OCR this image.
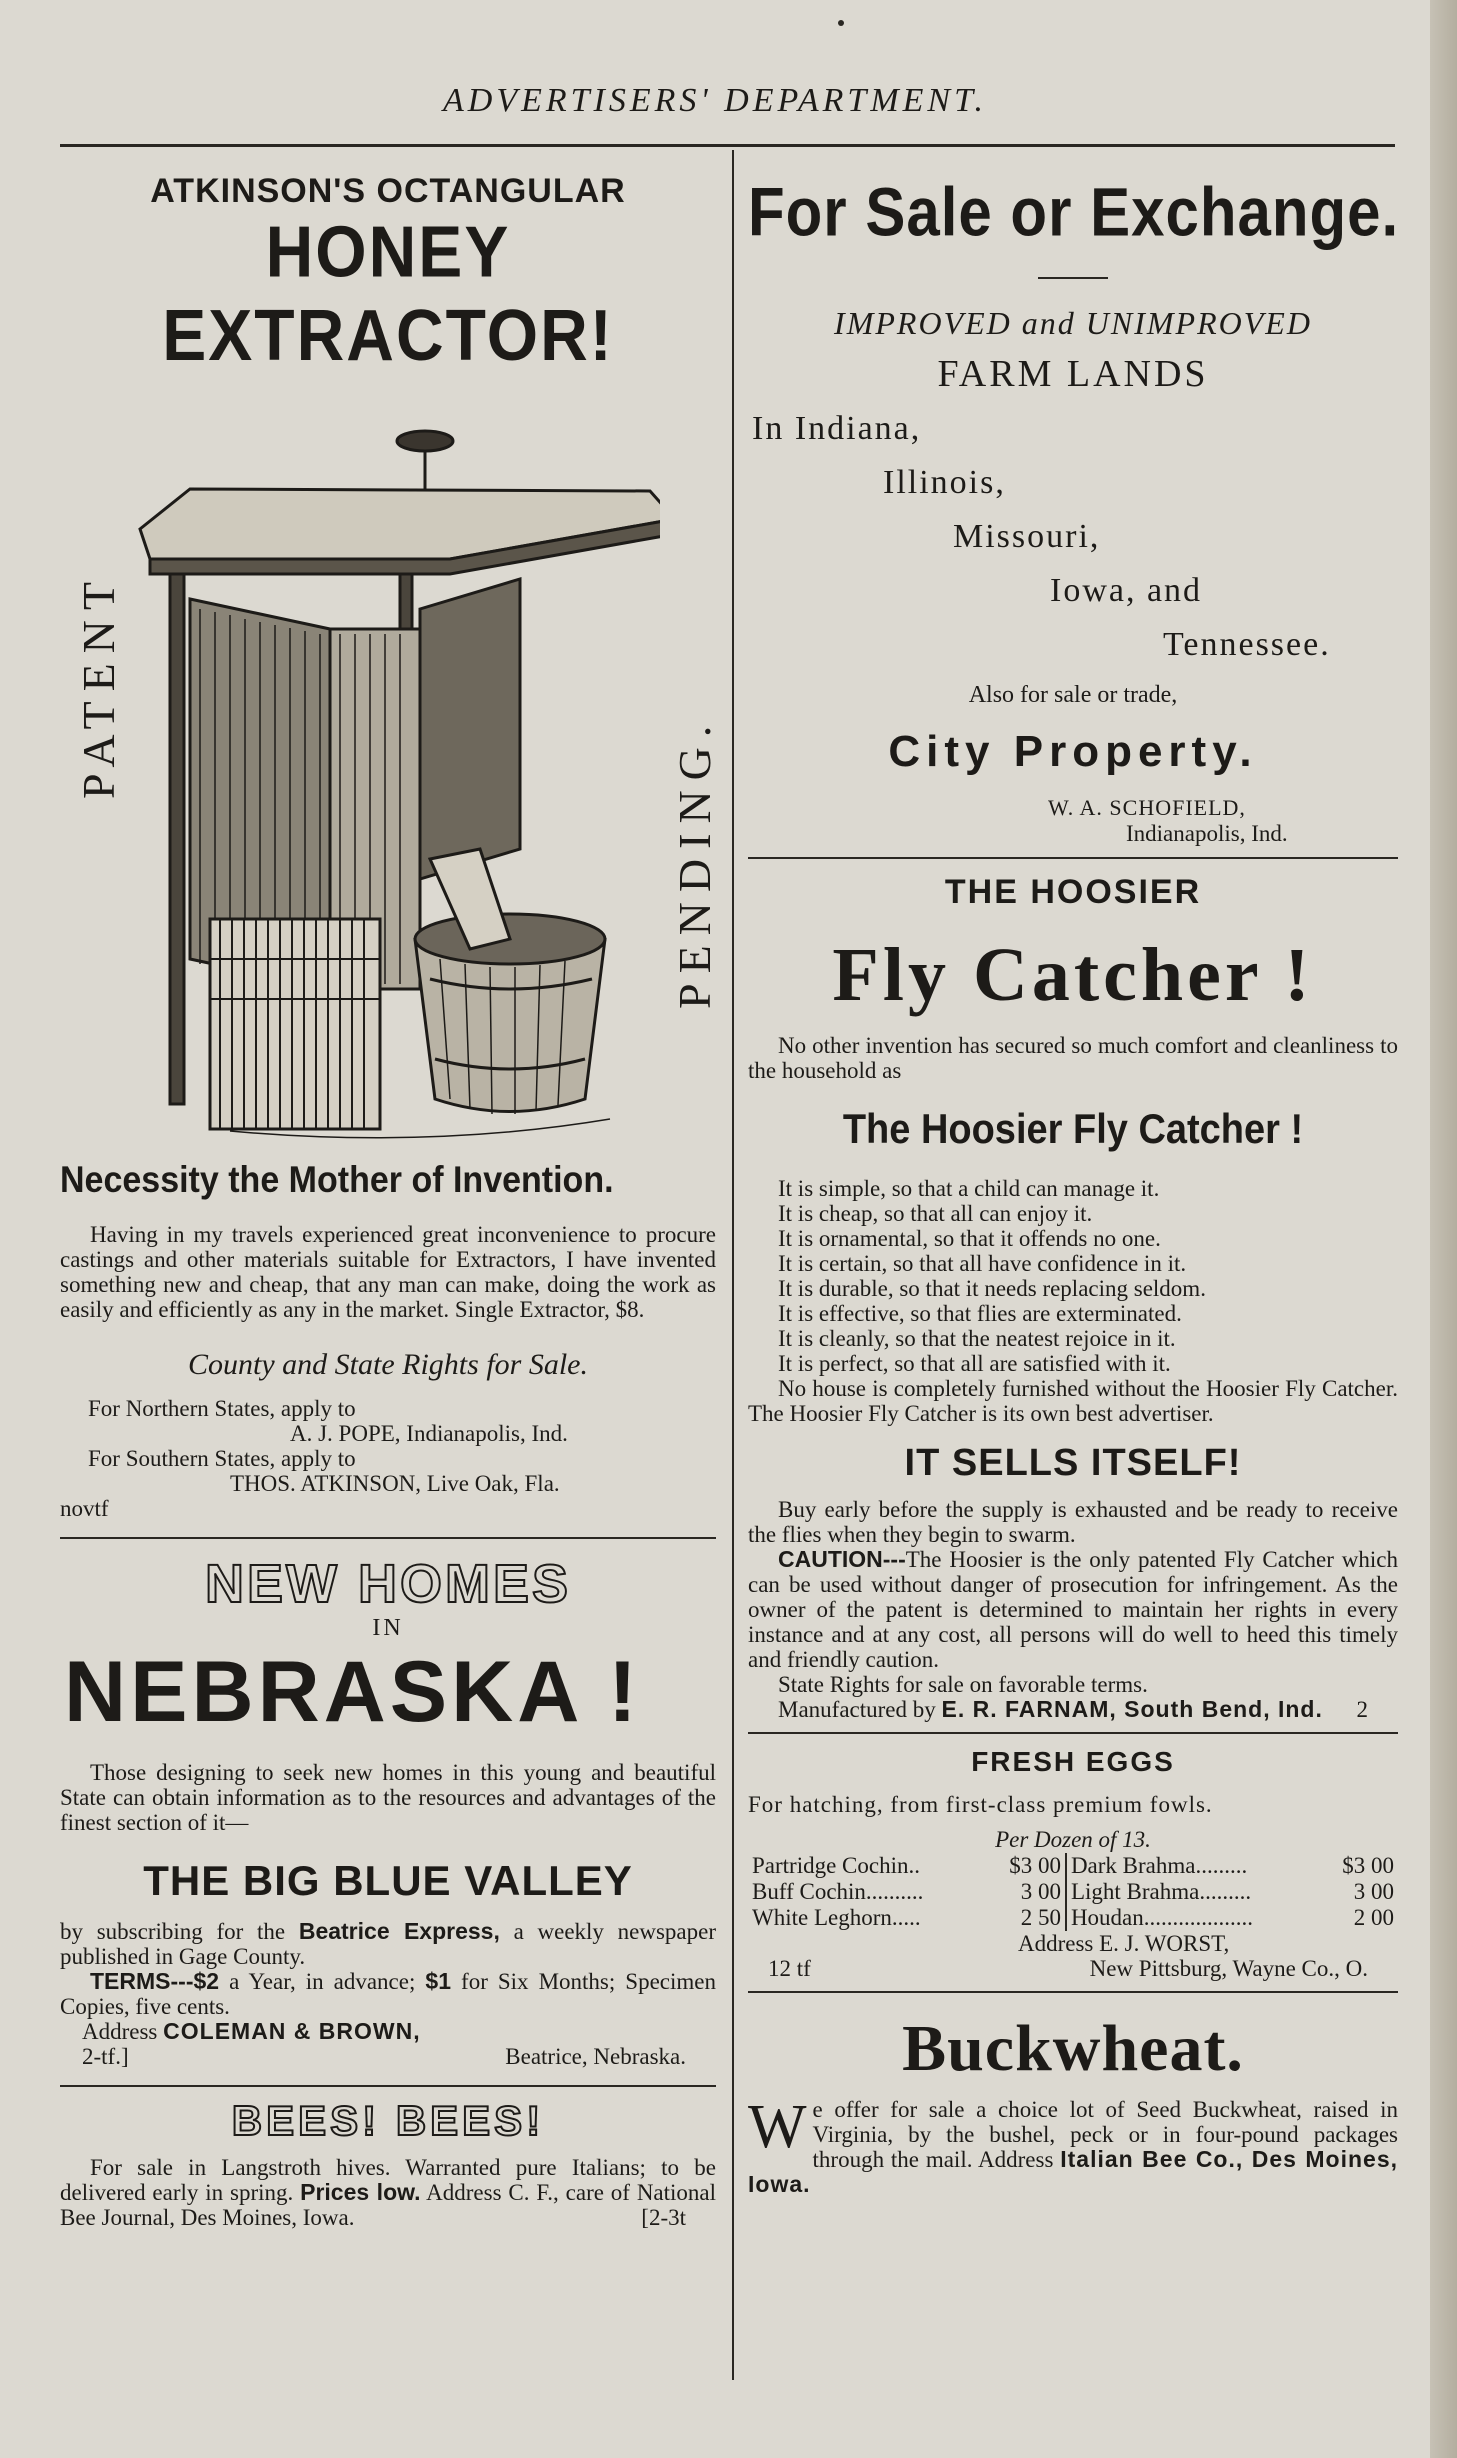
ADVERTISERS' DEPARTMENT.
ATKINSON'S OCTANGULAR
HONEY EXTRACTOR!
PATENT
PENDING.
Necessity the Mother of Invention.

Having in my travels experienced great inconvenience to procure castings and other materials suitable for Extractors, I have invented something new and cheap, that any man can make, doing the work as easily and efficiently as any in the market. Single Extractor, $8.

County and State Rights for Sale.
For Northern States, apply to
A. J. POPE, Indianapolis, Ind.
For Southern States, apply to
THOS. ATKINSON, Live Oak, Fla.
novtf
NEW HOMES
IN
NEBRASKA !

Those designing to seek new homes in this young and beautiful State can obtain information as to the resources and advantages of the finest section of it—

THE BIG BLUE VALLEY

by subscribing for the Beatrice Express, a weekly newspaper published in Gage County.

TERMS---$2 a Year, in advance; $1 for Six Months; Specimen Copies, five cents.

Address COLEMAN & BROWN,
2-tf.]	Beatrice, Nebraska.
BEES! BEES!

For sale in Langstroth hives. Warranted pure Italians; to be delivered early in spring. Prices low. Address C. F., care of National Bee Journal, Des Moines, Iowa.	[2-3t

For Sale or Exchange.
IMPROVED and UNIMPROVED
FARM LANDS
In Indiana,
Illinois,
Missouri,
Iowa, and
Tennessee.
Also for sale or trade,
City Property.
W. A. SCHOFIELD,
Indianapolis, Ind.
THE HOOSIER
Fly Catcher !

No other invention has secured so much comfort and cleanliness to the household as

The Hoosier Fly Catcher !
It is simple, so that a child can manage it.
It is cheap, so that all can enjoy it.
It is ornamental, so that it offends no one.
It is certain, so that all have confidence in it.
It is durable, so that it needs replacing seldom.
It is effective, so that flies are exterminated.
It is cleanly, so that the neatest rejoice in it.
It is perfect, so that all are satisfied with it.

No house is completely furnished without the Hoosier Fly Catcher. The Hoosier Fly Catcher is its own best advertiser.

IT SELLS ITSELF!

Buy early before the supply is exhausted and be ready to receive the flies when they begin to swarm.

CAUTION---The Hoosier is the only patented Fly Catcher which can be used without danger of prosecution for infringement. As the owner of the patent is determined to maintain her rights in every instance and at any cost, all persons will do well to heed this timely and friendly caution.

State Rights for sale on favorable terms.

Manufactured by E. R. FARNAM, South Bend, Ind.	2

FRESH EGGS
For hatching, from first-class premium fowls.
Per Dozen of 13.
Partridge Cochin..	$3 00	Dark Brahma.........	$3 00
Buff Cochin..........	3 00	Light Brahma.........	3 00
White Leghorn.....	2 50	Houdan...................	2 00
Address E. J. WORST,
12 tf	New Pittsburg, Wayne Co., O.
Buckwheat.

We offer for sale a choice lot of Seed Buckwheat, raised in Virginia, by the bushel, peck or in four-pound packages through the mail. Address Italian Bee Co., Des Moines, Iowa.
